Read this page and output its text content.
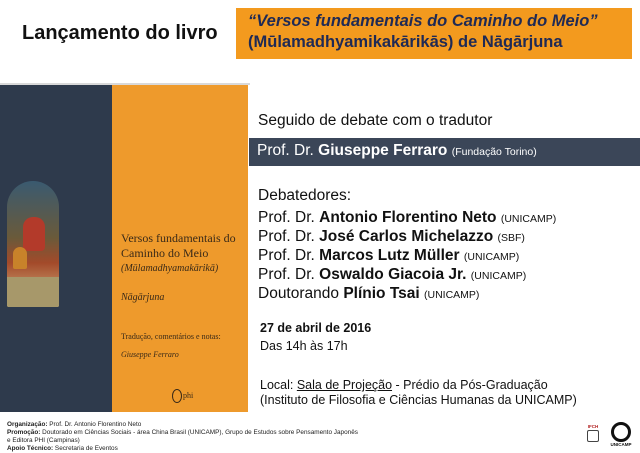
Lançamento do livro
“Versos fundamentais do Caminho do Meio”
(Mūlamadhyamikakārikās) de Nāgārjuna
Versos fundamentais do Caminho do Meio
(Mūlamadhyamakārikā)
Nāgārjuna
Tradução, comentários e notas:
Giuseppe Ferraro
phi
Seguido de debate com o tradutor
Prof. Dr. Giuseppe Ferraro (Fundação Torino)
Debatedores:
Prof. Dr. Antonio Florentino Neto (UNICAMP)
Prof. Dr. José Carlos Michelazzo (SBF)
Prof. Dr. Marcos Lutz Müller (UNICAMP)
Prof. Dr. Oswaldo Giacoia Jr. (UNICAMP)
Doutorando Plínio Tsai (UNICAMP)
27 de abril de 2016
Das 14h às 17h
Local: Sala de Projeção - Prédio da Pós-Graduação
(Instituto de Filosofia e Ciências Humanas da UNICAMP)
Organização: Prof. Dr. Antonio Florentino Neto
Promoção: Doutorado em Ciências Sociais - área China Brasil (UNICAMP), Grupo de Estudos sobre Pensamento Japonês
e Editora PHI (Campinas)
Apoio Técnico: Secretaria de Eventos
IFCH
UNICAMP
